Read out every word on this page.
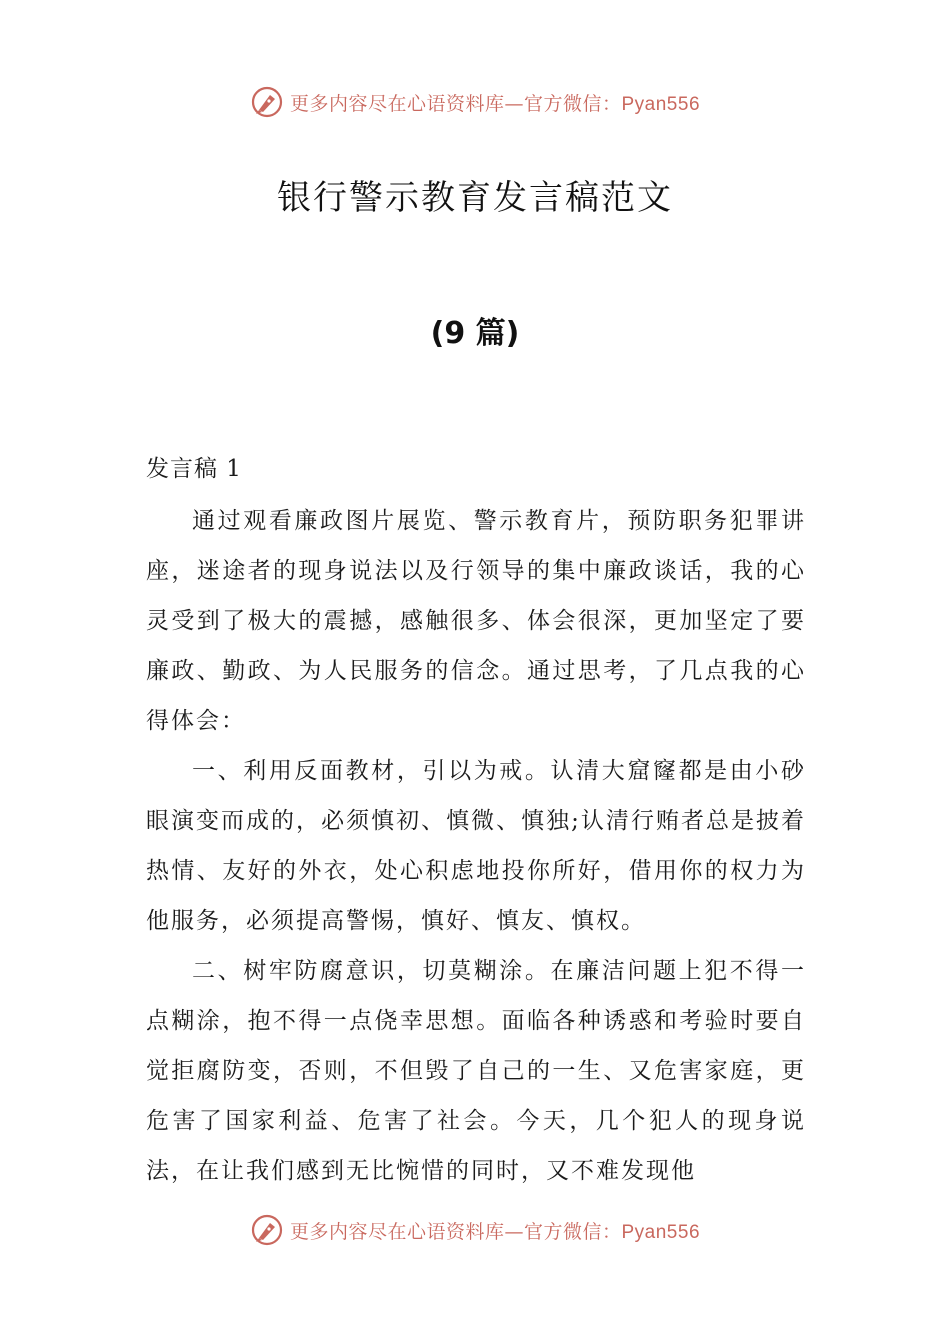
更多内容尽在心语资料库—官方微信：Pyan556
银行警示教育发言稿范文
(9 篇)
发言稿 1

通过观看廉政图片展览、警示教育片，预防职务犯罪讲座，迷途者的现身说法以及行领导的集中廉政谈话，我的心灵受到了极大的震撼，感触很多、体会很深，更加坚定了要廉政、勤政、为人民服务的信念。通过思考，了几点我的心得体会：

一、利用反面教材，引以为戒。认清大窟窿都是由小砂眼演变而成的，必须慎初、慎微、慎独;认清行贿者总是披着热情、友好的外衣，处心积虑地投你所好，借用你的权力为他服务，必须提高警惕，慎好、慎友、慎权。

二、树牢防腐意识，切莫糊涂。在廉洁问题上犯不得一点糊涂，抱不得一点侥幸思想。面临各种诱惑和考验时要自觉拒腐防变，否则，不但毁了自己的一生、又危害家庭，更危害了国家利益、危害了社会。今天，几个犯人的现身说法，在让我们感到无比惋惜的同时，又不难发现他

更多内容尽在心语资料库—官方微信：Pyan556
